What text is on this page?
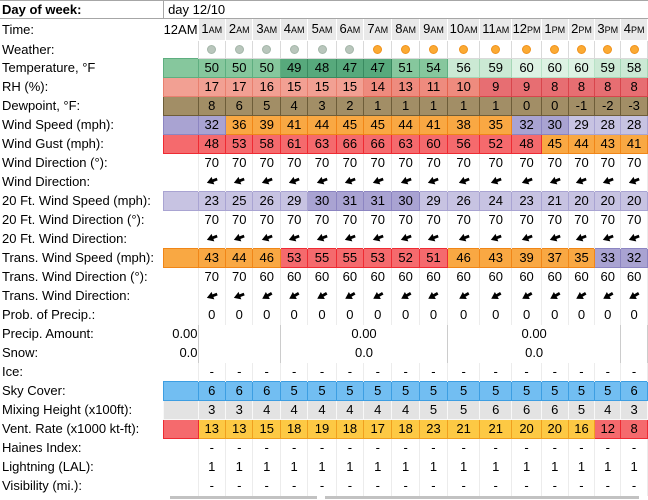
Day of week:	day 12/10																
Time:	12AM	1AM	2AM	3AM	4AM	5AM	6AM	7AM	8AM	9AM	10AM	11AM	12PM	1PM	2PM	3PM	4PM
Weather:																	
Temperature, °F		50	50	50	49	48	47	47	51	54	56	59	60	60	60	59	58
RH (%):		17	17	16	15	15	15	14	13	11	10	9	9	8	8	8	8
Dewpoint, °F:		8	6	5	4	3	2	1	1	1	1	1	0	0	-1	-2	-3
Wind Speed (mph):		32	36	39	41	44	45	45	44	41	38	35	32	30	29	28	28
Wind Gust (mph):		48	53	58	61	63	66	66	63	60	56	52	48	45	44	43	41
Wind Direction (°):		70	70	70	70	70	70	70	70	70	70	70	70	70	70	70	70
Wind Direction:																	
20 Ft. Wind Speed (mph):		23	25	26	29	30	31	31	30	29	26	24	23	21	20	20	20
20 Ft. Wind Direction (°):		70	70	70	70	70	70	70	70	70	70	70	70	70	70	70	70
20 Ft. Wind Direction:																	
Trans. Wind Speed (mph):		43	44	46	53	55	55	53	52	51	46	43	39	37	35	33	32
Trans. Wind Direction (°):		70	70	60	60	60	60	60	60	60	60	60	60	60	60	60	60
Trans. Wind Direction:																	
Prob. of Precip.:		0	0	0	0	0	0	0	0	0	0	0	0	0	0	0	0
Precip. Amount:	0.00				0.00						0.00						
Snow:	0.0				0.0						0.0						
Ice:		-	-	-	-	-	-	-	-	-	-	-	-	-	-	-	-
Sky Cover:		6	6	6	5	5	5	5	5	5	5	5	5	5	5	5	6
Mixing Height (x100ft):		3	3	4	4	4	4	4	4	5	5	6	6	6	5	4	3
Vent. Rate (x1000 kt-ft):		13	13	15	18	19	18	17	18	23	21	21	20	20	16	12	8
Haines Index:		-	-	-	-	-	-	-	-	-	-	-	-	-	-	-	-
Lightning (LAL):		1	1	1	1	1	1	1	1	1	1	1	1	1	1	1	1
Visibility (mi.):		-	-	-	-	-	-	-	-	-	-	-	-	-	-	-	-
